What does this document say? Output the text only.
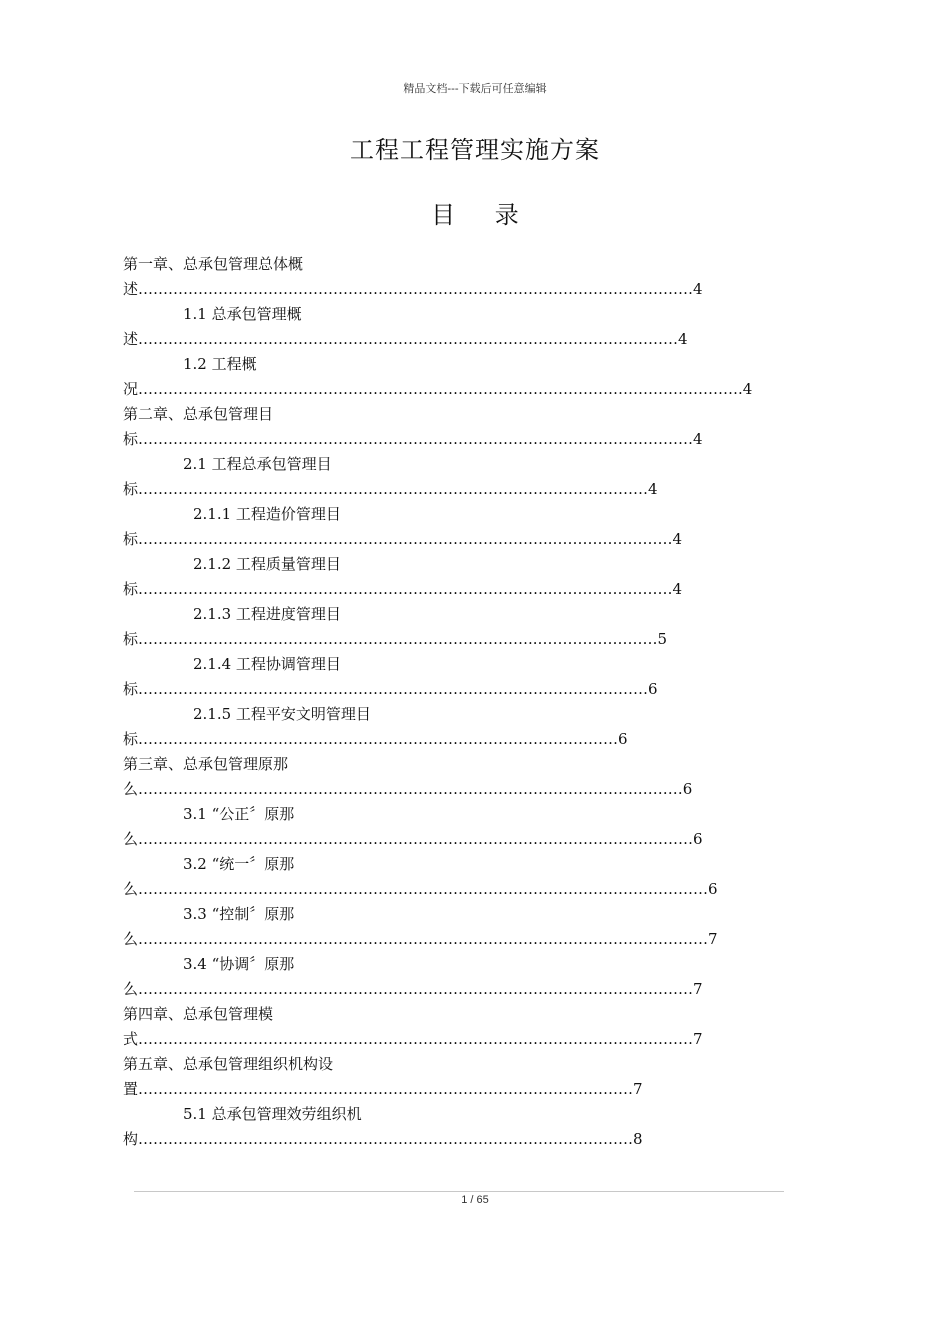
精品文档---下载后可任意编辑
工程工程管理实施方案
目 录
第一章、总承包管理总体概述…………………………………………………………………………………………………4
1.1 总承包管理概述………………………………………………………………………………………………4
1.2 工程概况………………………………………………………………………………………………………….4
第二章、总承包管理目标…………………………………………………………………………………………………4
2.1 工程总承包管理目标…………………………………………………………………………………………4
2.1.1 工程造价管理目标………………………………………………………………………..……………………4
2.1.2 工程质量管理目标………………………………………………………………………..……………………4
2.1.3 工程进度管理目标……………………………………………………………………..……………………5
2.1.4 工程协调管理目标…………………………………………………………………………………………6
2.1.5 工程平安文明管理目标……………………………………………………………………………………6
第三章、总承包管理原那么……………………………………………………………………………………….………6
3.1 “公正〞原那么…………………………………………………………………………………………………6
3.2 “统一〞原那么……………………………………………………………………………………………………6
3.3 “控制〞原那么……………………………………………………………………………………………………7
3.4 “协调〞原那么…………………………………………………………………………………………………7
第四章、总承包管理模式…………………………………………………………………………………………………7
第五章、总承包管理组织机构设置………………………………………………………………………………………7
5.1 总承包管理效劳组织机构………………………………………………………………………………………8
1 / 65
